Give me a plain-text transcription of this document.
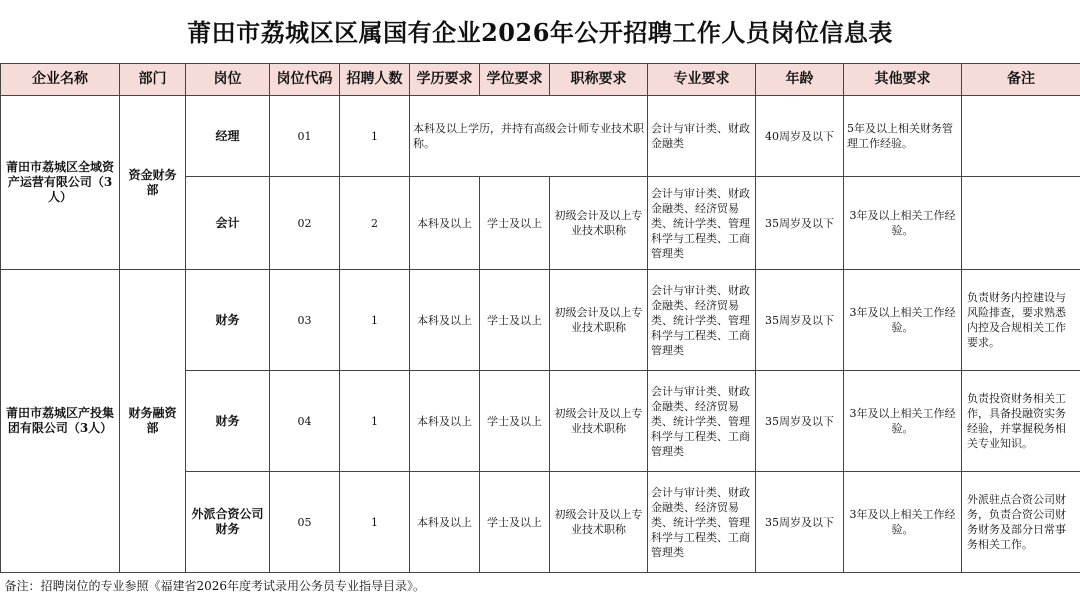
莆田市荔城区区属国有企业2026年公开招聘工作人员岗位信息表
企业名称	部门	岗位	岗位代码	招聘人数	学历要求	学位要求	职称要求	专业要求	年龄	其他要求	备注
莆田市荔城区全域资产运营有限公司（3人）	资金财务部	经理	01	1	本科及以上学历，并持有高级会计师专业技术职称。			会计与审计类、财政金融类	40周岁及以下	5年及以上相关财务管理工作经验。	
		会计	02	2	本科及以上	学士及以上	初级会计及以上专业技术职称	会计与审计类、财政金融类、经济贸易类、统计学类、管理科学与工程类、工商管理类	35周岁及以下	3年及以上相关工作经验。	
莆田市荔城区产投集团有限公司（3人）	财务融资部	财务	03	1	本科及以上	学士及以上	初级会计及以上专业技术职称	会计与审计类、财政金融类、经济贸易类、统计学类、管理科学与工程类、工商管理类	35周岁及以下	3年及以上相关工作经验。	负责财务内控建设与风险排查，要求熟悉内控及合规相关工作要求。
		财务	04	1	本科及以上	学士及以上	初级会计及以上专业技术职称	会计与审计类、财政金融类、经济贸易类、统计学类、管理科学与工程类、工商管理类	35周岁及以下	3年及以上相关工作经验。	负责投资财务相关工作，具备投融资实务经验，并掌握税务相关专业知识。
		外派合资公司财务	05	1	本科及以上	学士及以上	初级会计及以上专业技术职称	会计与审计类、财政金融类、经济贸易类、统计学类、管理科学与工程类、工商管理类	35周岁及以下	3年及以上相关工作经验。	外派驻点合资公司财务，负责合资公司财务财务及部分日常事务相关工作。
备注：招聘岗位的专业参照《福建省2026年度考试录用公务员专业指导目录》。											
